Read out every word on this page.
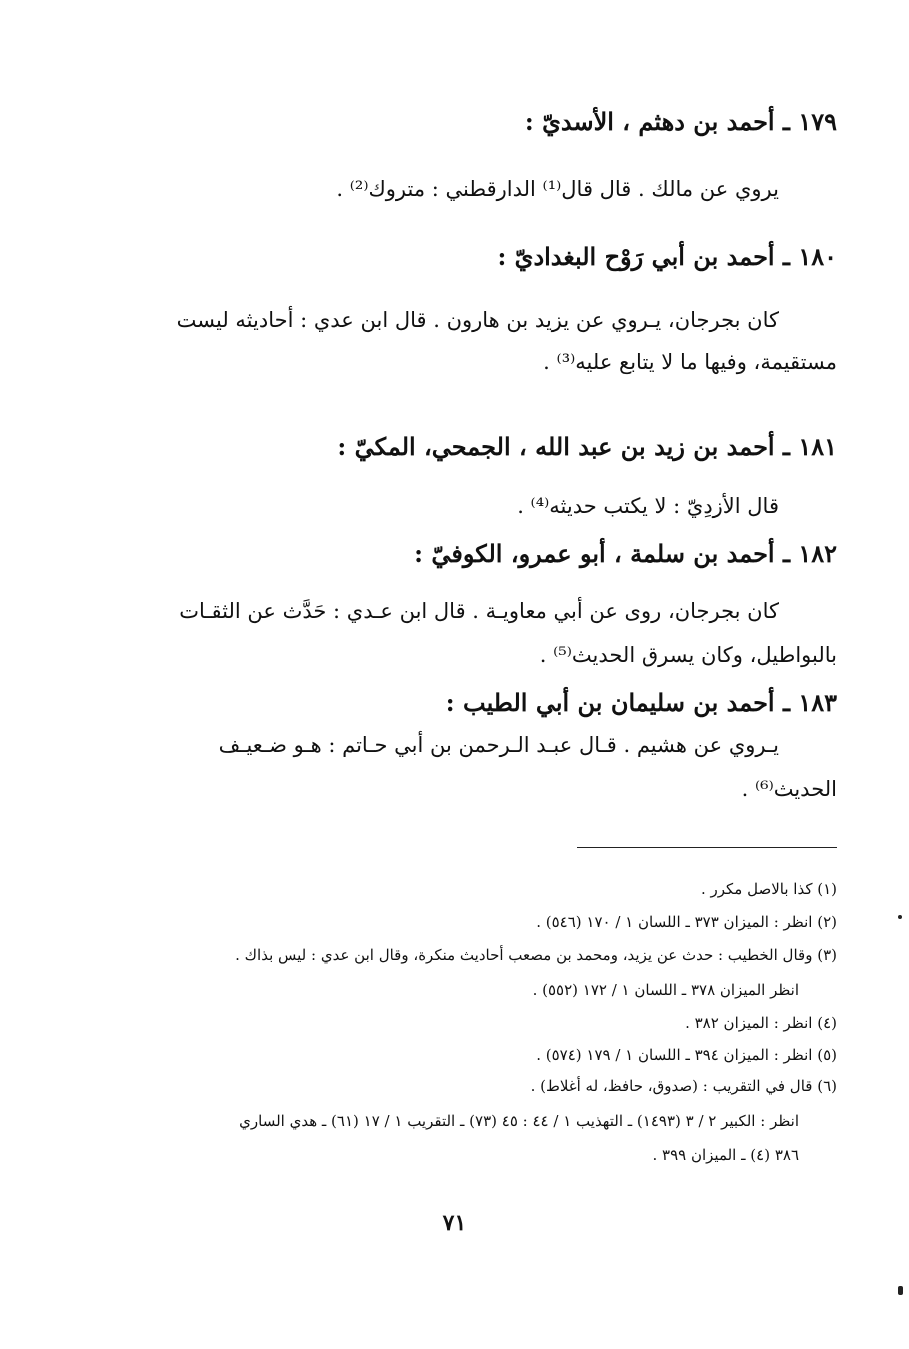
١٧٩ ـ أحمد بن دهثم ، الأسديّ :
يروي عن مالك . قال قال⁽¹⁾ الدارقطني : متروك⁽²⁾ .
١٨٠ ـ أحمد بن أبي رَوْح البغداديّ :
كان بجرجان، يـروي عن يزيد بن هارون . قال ابن عدي : أحاديثه ليست
مستقيمة، وفيها ما لا يتابع عليه⁽³⁾ .
١٨١ ـ أحمد بن زيد بن عبد الله ، الجمحي، المكيّ :
قال الأزدِيّ : لا يكتب حديثه⁽⁴⁾ .
١٨٢ ـ أحمد بن سلمة ، أبو عمرو، الكوفيّ :
كان بجرجان، روى عن أبي معاويـة . قال ابن عـدي : حَدَّث عن الثقـات
بالبواطيل، وكان يسرق الحديث⁽⁵⁾ .
١٨٣ ـ أحمد بن سليمان بن أبي الطيب :
يـروي عن هشيم . قـال عبـد الـرحمن بن أبي حـاتم : هـو ضـعيـف
الحديث⁽⁶⁾ .
(١) كذا بالاصل مكرر .
(٢) انظر : الميزان ٣٧٣ ـ اللسان ١ / ١٧٠ (٥٤٦) .
(٣) وقال الخطيب : حدث عن يزيد، ومحمد بن مصعب أحاديث منكرة، وقال ابن عدي : ليس بذاك .
انظر الميزان ٣٧٨ ـ اللسان ١ / ١٧٢ (٥٥٢) .
(٤) انظر : الميزان ٣٨٢ .
(٥) انظر : الميزان ٣٩٤ ـ اللسان ١ / ١٧٩ (٥٧٤) .
(٦) قال في التقريب : (صدوق، حافظ، له أغلاط) .
انظر : الكبير ٢ / ٣ (١٤٩٣) ـ التهذيب ١ / ٤٤ : ٤٥ (٧٣) ـ التقريب ١ / ١٧ (٦١) ـ هدي الساري
٣٨٦ (٤) ـ الميزان ٣٩٩ .
٧١
